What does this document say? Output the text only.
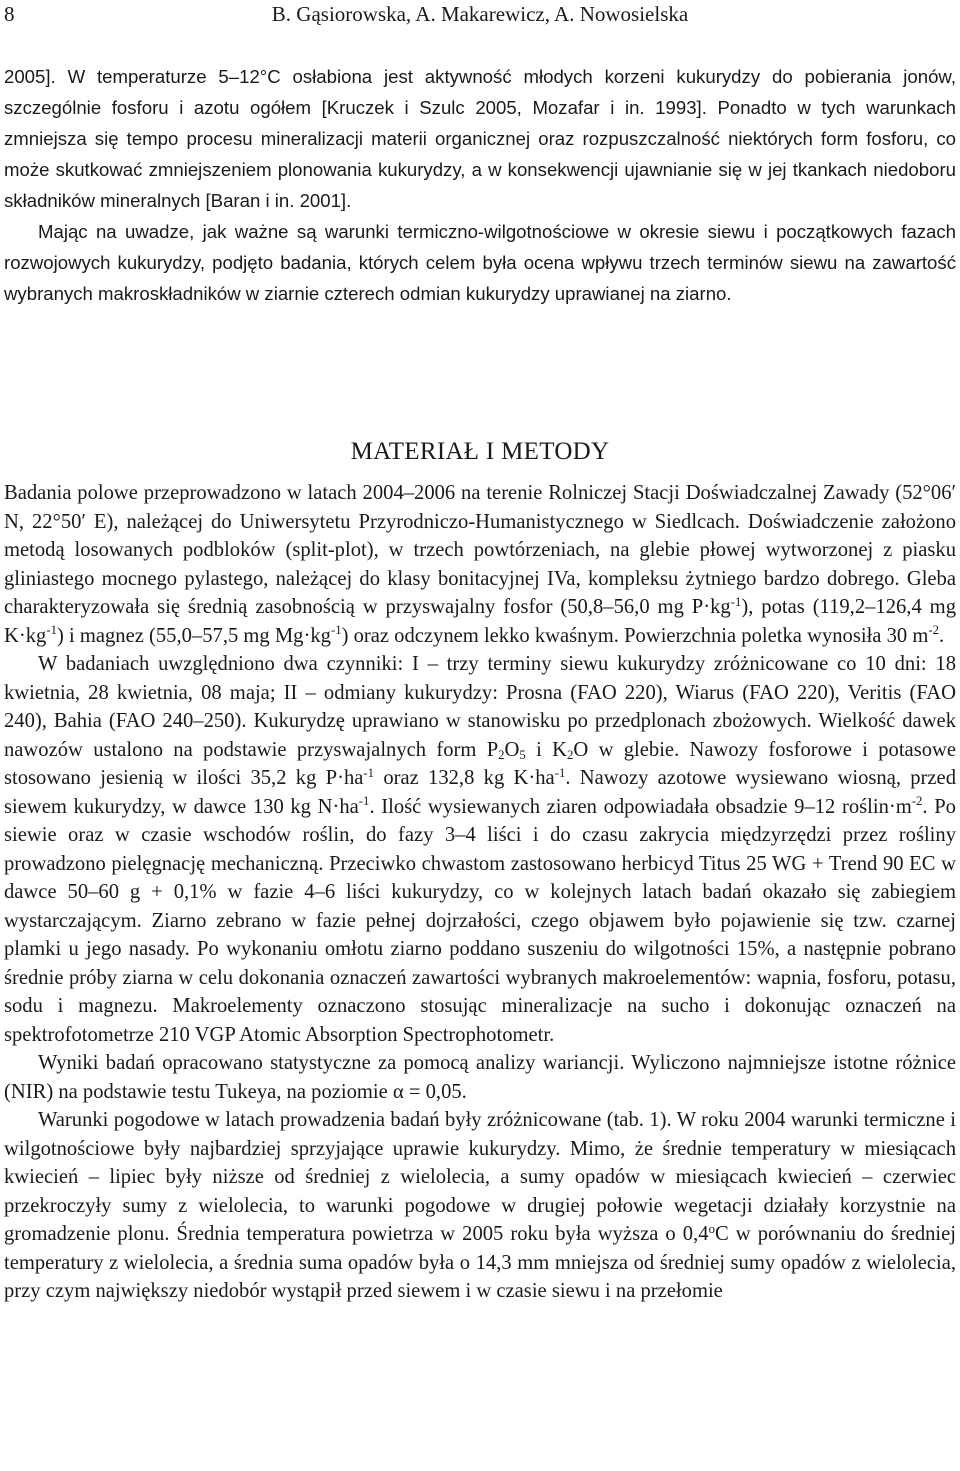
8	B. Gąsiorowska, A. Makarewicz, A. Nowosielska

2005]. W temperaturze 5–12°C osłabiona jest aktywność młodych korzeni kukurydzy do pobierania jonów, szczególnie fosforu i azotu ogółem [Kruczek i Szulc 2005, Mozafar i in. 1993]. Ponadto w tych warunkach zmniejsza się tempo procesu mineralizacji materii organicznej oraz rozpuszczalność niektórych form fosforu, co może skutkować zmniejszeniem plonowania kukurydzy, a w konsekwencji ujawnianie się w jej tkankach niedoboru składników mineralnych [Baran i in. 2001].

Mając na uwadze, jak ważne są warunki termiczno-wilgotnościowe w okresie siewu i początkowych fazach rozwojowych kukurydzy, podjęto badania, których celem była ocena wpływu trzech terminów siewu na zawartość wybranych makroskładników w ziarnie czterech odmian kukurydzy uprawianej na ziarno.

MATERIAŁ I METODY

Badania polowe przeprowadzono w latach 2004–2006 na terenie Rolniczej Stacji Doświadczalnej Zawady (52°06′ N, 22°50′ E), należącej do Uniwersytetu Przyrodniczo-Humanistycznego w Siedlcach. Doświadczenie założono metodą losowanych podbloków (split-plot), w trzech powtórzeniach, na glebie płowej wytworzonej z piasku gliniastego mocnego pylastego, należącej do klasy bonitacyjnej IVa, kompleksu żytniego bardzo dobrego. Gleba charakteryzowała się średnią zasobnością w przyswajalny fosfor (50,8–56,0 mg $P\cdot kg^{-1}$), potas (119,2–126,4 mg $K\cdot kg^{-1}$) i magnez (55,0–57,5 mg $Mg\cdot kg^{-1}$) oraz odczynem lekko kwaśnym. Powierzchnia poletka wynosiła 30 $m^{-2}$.

W badaniach uwzględniono dwa czynniki: I – trzy terminy siewu kukurydzy zróżnicowane co 10 dni: 18 kwietnia, 28 kwietnia, 08 maja; II – odmiany kukurydzy: Prosna (FAO 220), Wiarus (FAO 220), Veritis (FAO 240), Bahia (FAO 240–250). Kukurydzę uprawiano w stanowisku po przedplonach zbożowych. Wielkość dawek nawozów ustalono na podstawie przyswajalnych form $P_2O_5$ i $K_2O$ w glebie. Nawozy fosforowe i potasowe stosowano jesienią w ilości 35,2 kg $P\cdot ha^{-1}$ oraz 132,8 kg $K\cdot ha^{-1}$. Nawozy azotowe wysiewano wiosną, przed siewem kukurydzy, w dawce 130 kg $N\cdot ha^{-1}$. Ilość wysiewanych ziaren odpowiadała obsadzie 9–12 $roślin\cdot m^{-2}$. Po siewie oraz w czasie wschodów roślin, do fazy 3–4 liści i do czasu zakrycia międzyrzędzi przez rośliny prowadzono pielęgnację mechaniczną. Przeciwko chwastom zastosowano herbicyd Titus 25 WG + Trend 90 EC w dawce 50–60 g + 0,1% w fazie 4–6 liści kukurydzy, co w kolejnych latach badań okazało się zabiegiem wystarczającym. Ziarno zebrano w fazie pełnej dojrzałości, czego objawem było pojawienie się tzw. czarnej plamki u jego nasady. Po wykonaniu omłotu ziarno poddano suszeniu do wilgotności 15%, a następnie pobrano średnie próby ziarna w celu dokonania oznaczeń zawartości wybranych makroelementów: wapnia, fosforu, potasu, sodu i magnezu. Makroelementy oznaczono stosując mineralizacje na sucho i dokonując oznaczeń na spektrofotometrze 210 VGP Atomic Absorption Spectrophotometr.

Wyniki badań opracowano statystyczne za pomocą analizy wariancji. Wyliczono najmniejsze istotne różnice (NIR) na podstawie testu Tukeya, na poziomie α = 0,05.

Warunki pogodowe w latach prowadzenia badań były zróżnicowane (tab. 1). W roku 2004 warunki termiczne i wilgotnościowe były najbardziej sprzyjające uprawie kukurydzy. Mimo, że średnie temperatury w miesiącach kwiecień – lipiec były niższe od średniej z wielolecia, a sumy opadów w miesiącach kwiecień – czerwiec przekroczyły sumy z wielolecia, to warunki pogodowe w drugiej połowie wegetacji działały korzystnie na gromadzenie plonu. Średnia temperatura powietrza w 2005 roku była wyższa o 0,4$^o$C w porównaniu do średniej temperatury z wielolecia, a średnia suma opadów była o 14,3 mm mniejsza od średniej sumy opadów z wielolecia, przy czym największy niedobór wystąpił przed siewem i w czasie siewu i na przełomie
